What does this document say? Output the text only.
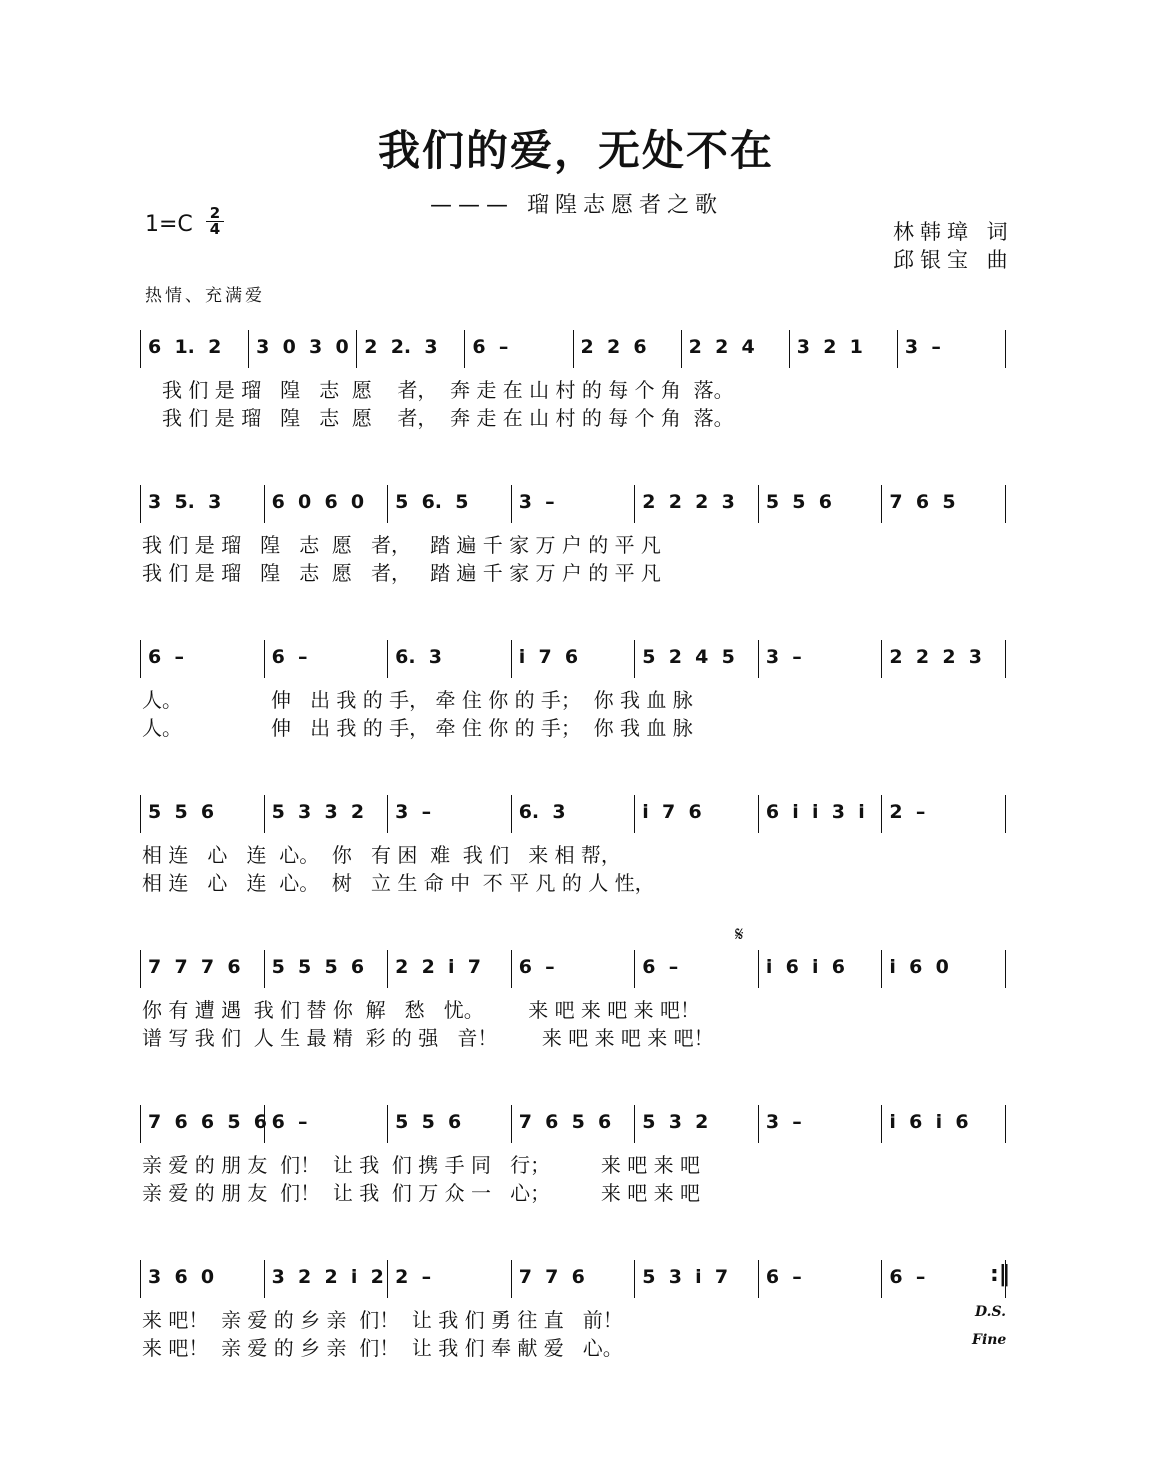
我们的爱，无处不在
——— 瑠隍志愿者之歌
1=C 2
4	林韩璋 词
邱银宝 曲
热情、充满爱
𝄋
6  1.  2 3  0  3  0 2  2.  3 6  –	2  2  6 2  2  4 3  2  1 3  –
我 们 是 瑠   隍   志  愿    者，  奔 走 在 山 村 的 每 个 角  落。
我 们 是 瑠   隍   志  愿    者，  奔 走 在 山 村 的 每 个 角  落。
3  5.  3	6  0  6  0 5  6.  5	3  –	2  2  2  3 5  5  6	7  6  5
我 们 是 瑠   隍   志  愿   者，   踏 遍 千 家 万 户 的 平 凡
我 们 是 瑠   隍   志  愿   者，   踏 遍 千 家 万 户 的 平 凡
6  –	6  –	6.  3	i  7  6	5  2  4  5 3  –	2  2  2  3
人。              伸   出 我 的 手， 牵 住 你 的 手；  你 我 血 脉
人。              伸   出 我 的 手， 牵 住 你 的 手；  你 我 血 脉
5  5  6	5  3  3  2 3  –	6.  3	i  7  6	6  i  i  3  i 2  –
相 连   心   连  心。  你   有 困  难  我 们   来 相 帮，
相 连   心   连  心。  树   立 生 命 中  不 平 凡 的 人 性，
7  7  7  6 5  5  5  6 2  2  i  7 6  –	6  –	i  6  i  6 i  6  0
你 有 遭 遇  我 们 替 你  解   愁   忧。       来 吧 来 吧 来 吧！
谱 写 我 们  人 生 最 精  彩 的 强   音！       来 吧 来 吧 来 吧！
7  6  6  5  6 6  –	5  5  6	7  6  5  6 5  3  2	3  –	i  6  i  6
亲 爱 的 朋 友  们！  让 我  们 携 手 同   行；        来 吧 来 吧
亲 爱 的 朋 友  们！  让 我  们 万 众 一   心；        来 吧 来 吧
3  6  0	3  2  2  i  2 2  –	7  7  6	5  3  i  7 6  –	6  –
来 吧！  亲 爱 的 乡 亲  们！  让 我 们 勇 往 直   前！
来 吧！  亲 爱 的 乡 亲  们！  让 我 们 奉 献 爱   心。
D.S.
Fine
:‖
